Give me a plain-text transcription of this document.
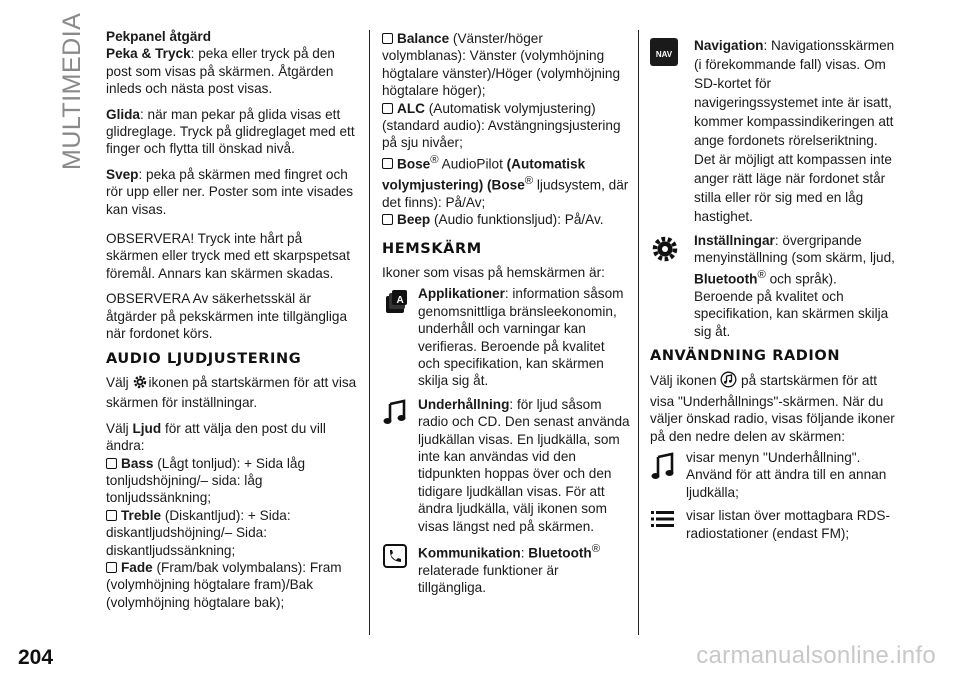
MULTIMEDIA
204

Pekpanel åtgärd

Peka & Tryck: peka eller tryck på den post som visas på skärmen. Åtgärden inleds och nästa post visas.

Glida: när man pekar på glida visas ett glidreglage. Tryck på glidreglaget med ett finger och flytta till önskad nivå.

Svep: peka på skärmen med fingret och rör upp eller ner. Poster som inte visades kan visas.

OBSERVERA! Tryck inte hårt på skärmen eller tryck med ett skarpspetsat föremål. Annars kan skärmen skadas.

OBSERVERA Av säkerhetsskäl är åtgärder på pekskärmen inte tillgängliga när fordonet körs.

AUDIO LJUDJUSTERING

Välj ikonen på startskärmen för att visa skärmen för inställningar.

Välj Ljud för att välja den post du vill ändra:

Bass (Lågt tonljud): + Sida låg tonljudshöjning/– sida: låg tonljudssänkning;

Treble (Diskantljud): + Sida: diskantljudshöjning/– Sida: diskantljudssänkning;

Fade (Fram/bak volymbalans): Fram (volymhöjning högtalare fram)/Bak (volymhöjning högtalare bak);

Balance (Vänster/höger volymblanas): Vänster (volymhöjning högtalare vänster)/Höger (volymhöjning högtalare höger);

ALC (Automatisk volymjustering) (standard audio): Avstängningsjustering på sju nivåer;

Bose® AudioPilot (Automatisk volymjustering) (Bose® ljudsystem, där det finns): På/Av;

Beep (Audio funktionsljud): På/Av.

HEMSKÄRM

Ikoner som visas på hemskärmen är:

A Applikationer: information såsom genomsnittliga bränsleekonomin, underhåll och varningar kan verifieras. Beroende på kvalitet och specifikation, kan skärmen skilja sig åt.
Underhållning: för ljud såsom radio och CD. Den senast använda ljudkällan visas. En ljudkälla, som inte kan användas vid den tidpunkten hoppas över och den tidigare ljudkällan visas. För att ändra ljudkälla, välj ikonen som visas längst ned på skärmen.
Kommunikation: Bluetooth®
relaterade funktioner är tillgängliga.
NAV
Navigation: Navigationsskärmen (i förekommande fall) visas. Om SD-kortet för navigeringssystemet inte är isatt, kommer kompassindikeringen att ange fordonets rörelseriktning. Det är möjligt att kompassen inte anger rätt läge när fordonet står stilla eller rör sig med en låg hastighet.
Inställningar: övergripande menyinställning (som skärm, ljud, Bluetooth® och språk). Beroende på kvalitet och specifikation, kan skärmen skilja sig åt.
ANVÄNDNING RADION

Välj ikonen  på startskärmen för att visa "Underhållnings"-skärmen. När du väljer önskad radio, visas följande ikoner på den nedre delen av skärmen:

visar menyn "Underhållning". Använd för att ändra till en annan ljudkälla;
visar listan över mottagbara RDS-radiostationer (endast FM);
carmanualsonline.info
